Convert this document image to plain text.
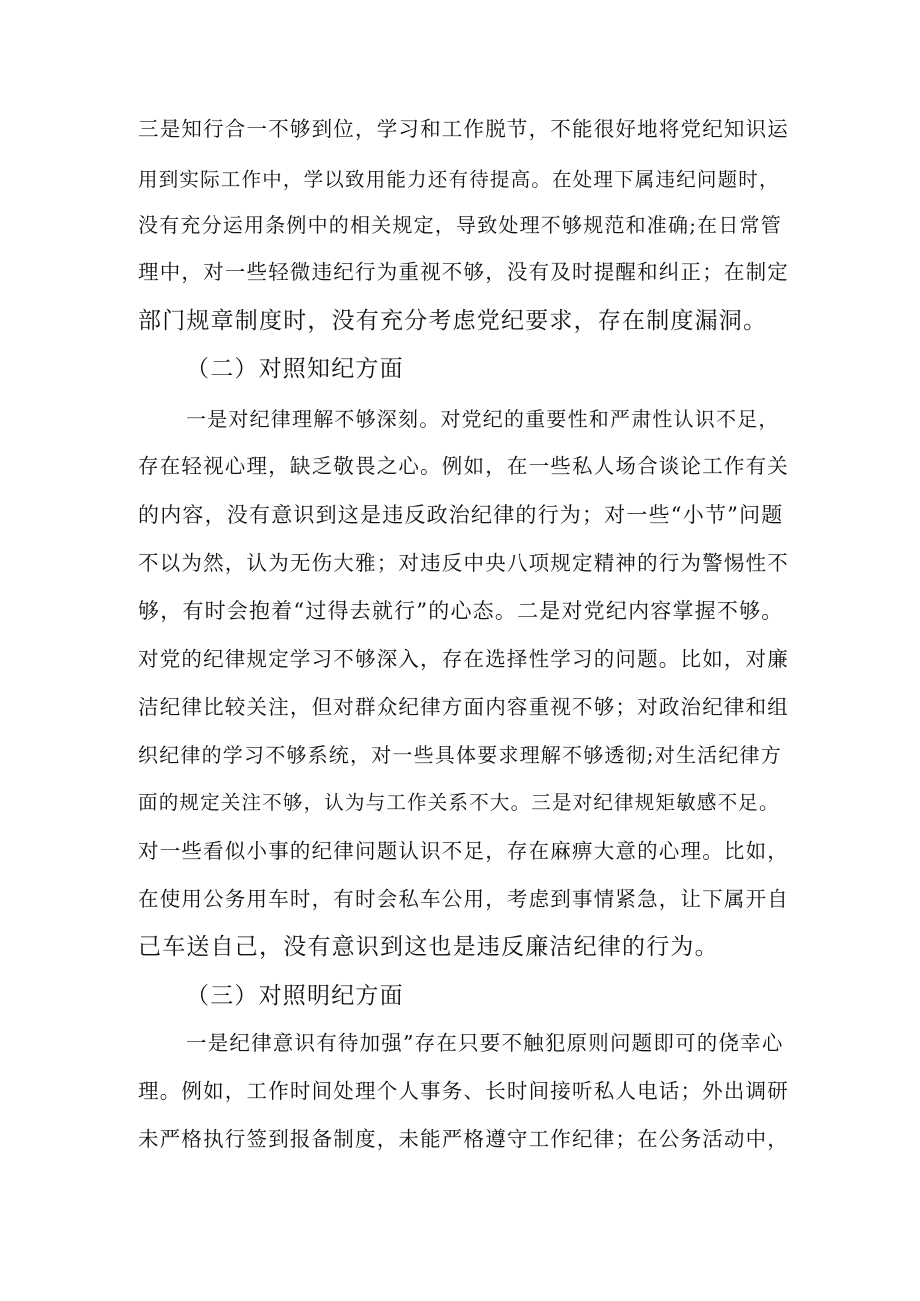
三是知行合一不够到位，学习和工作脱节，不能很好地将党纪知识运
用到实际工作中，学以致用能力还有待提高。在处理下属违纪问题时，
没有充分运用条例中的相关规定，导致处理不够规范和准确;在日常管
理中，对一些轻微违纪行为重视不够，没有及时提醒和纠正；在制定
部门规章制度时，没有充分考虑党纪要求，存在制度漏洞。
（二）对照知纪方面
一是对纪律理解不够深刻。对党纪的重要性和严肃性认识不足，
存在轻视心理，缺乏敬畏之心。例如，在一些私人场合谈论工作有关
的内容，没有意识到这是违反政治纪律的行为；对一些“小节”问题
不以为然，认为无伤大雅；对违反中央八项规定精神的行为警惕性不
够，有时会抱着“过得去就行”的心态。二是对党纪内容掌握不够。
对党的纪律规定学习不够深入，存在选择性学习的问题。比如，对廉
洁纪律比较关注，但对群众纪律方面内容重视不够；对政治纪律和组
织纪律的学习不够系统，对一些具体要求理解不够透彻;对生活纪律方
面的规定关注不够，认为与工作关系不大。三是对纪律规矩敏感不足。
对一些看似小事的纪律问题认识不足，存在麻痹大意的心理。比如，
在使用公务用车时，有时会私车公用，考虑到事情紧急，让下属开自
己车送自己，没有意识到这也是违反廉洁纪律的行为。
（三）对照明纪方面
一是纪律意识有待加强”存在只要不触犯原则问题即可的侥幸心
理。例如，工作时间处理个人事务、长时间接听私人电话；外出调研
未严格执行签到报备制度，未能严格遵守工作纪律；在公务活动中，
